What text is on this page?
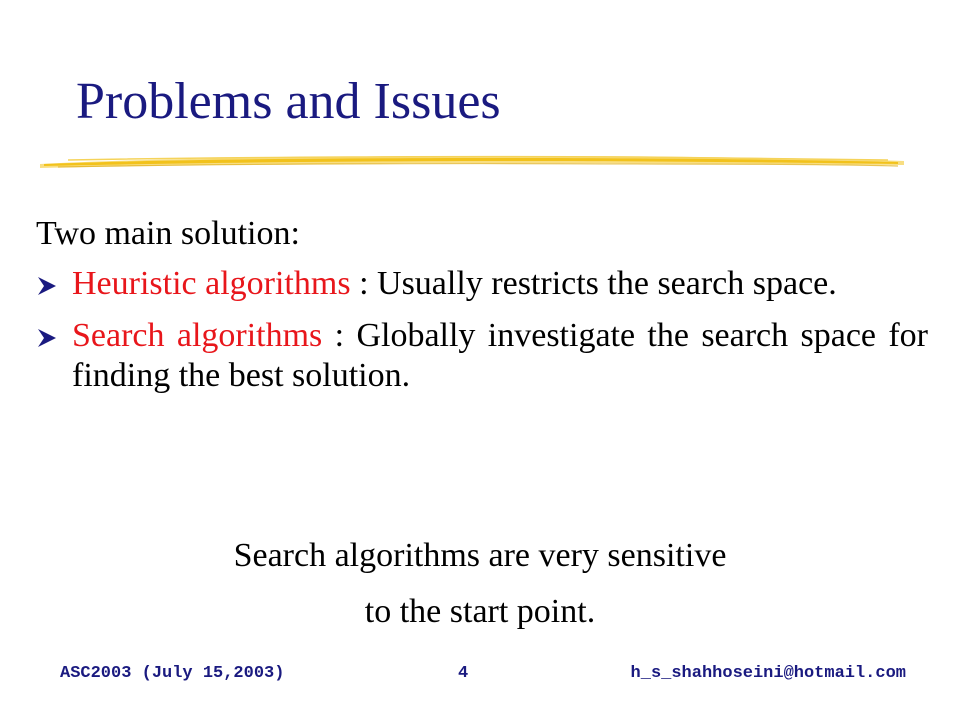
Problems and Issues

Two main solution:

Heuristic algorithms : Usually restricts the search space.
Search algorithms : Globally investigate the search space for finding the best solution.
Search algorithms are very sensitive
to the start point.
ASC2003 (July 15,2003)	4	h_s_shahhoseini@hotmail.com
